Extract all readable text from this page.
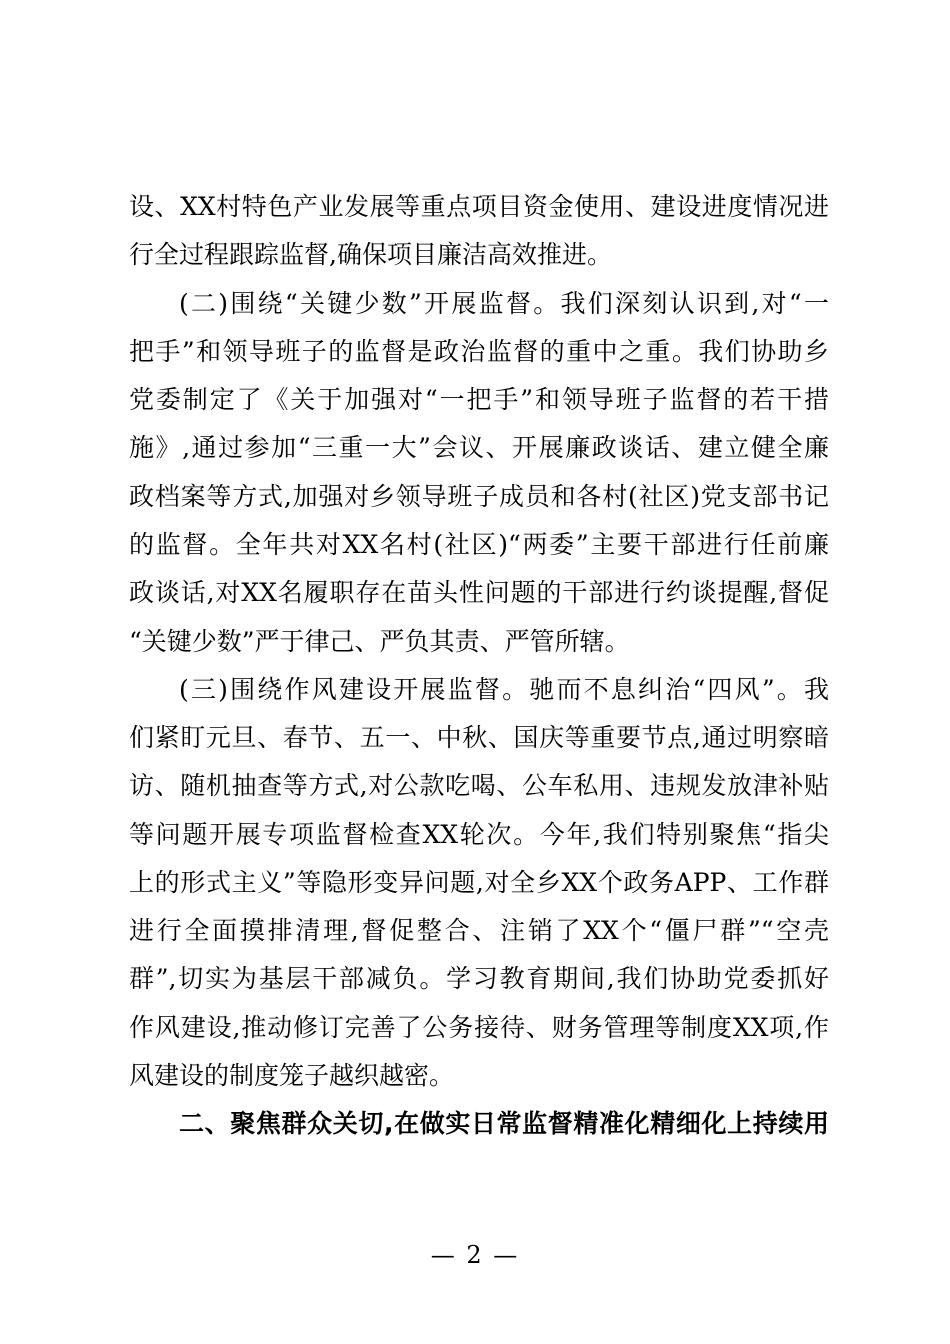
设、XX村特色产业发展等重点项目资金使用、建设进度情况进
行全过程跟踪监督,确保项目廉洁高效推进。
(二)围绕“关键少数”开展监督。我们深刻认识到,对“一
把手”和领导班子的监督是政治监督的重中之重。我们协助乡
党委制定了《关于加强对“一把手”和领导班子监督的若干措
施》,通过参加“三重一大”会议、开展廉政谈话、建立健全廉
政档案等方式,加强对乡领导班子成员和各村(社区)党支部书记
的监督。全年共对XX名村(社区)“两委”主要干部进行任前廉
政谈话,对XX名履职存在苗头性问题的干部进行约谈提醒,督促
“关键少数”严于律己、严负其责、严管所辖。
(三)围绕作风建设开展监督。驰而不息纠治“四风”。我
们紧盯元旦、春节、五一、中秋、国庆等重要节点,通过明察暗
访、随机抽查等方式,对公款吃喝、公车私用、违规发放津补贴
等问题开展专项监督检查XX轮次。今年,我们特别聚焦“指尖
上的形式主义”等隐形变异问题,对全乡XX个政务APP、工作群
进行全面摸排清理,督促整合、注销了XX个“僵尸群”“空壳
群”,切实为基层干部减负。学习教育期间,我们协助党委抓好
作风建设,推动修订完善了公务接待、财务管理等制度XX项,作
风建设的制度笼子越织越密。
二、聚焦群众关切,在做实日常监督精准化精细化上持续用
— 2 —
